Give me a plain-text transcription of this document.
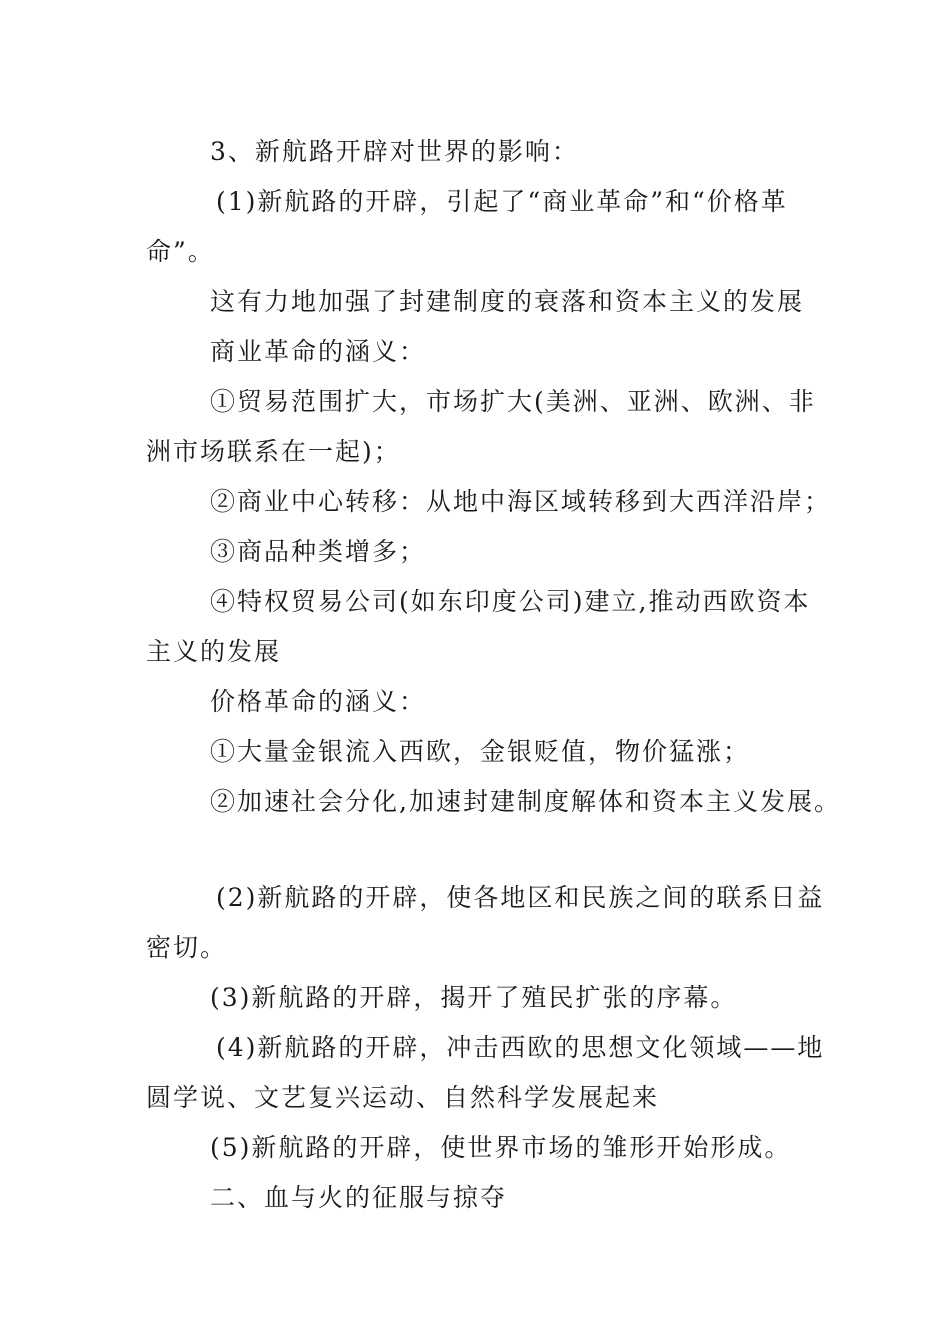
3、新航路开辟对世界的影响：
(1)新航路的开辟，引起了“商业革命”和“价格革
命”。
这有力地加强了封建制度的衰落和资本主义的发展
商业革命的涵义：
①贸易范围扩大，市场扩大(美洲、亚洲、欧洲、非
洲市场联系在一起)；
②商业中心转移：从地中海区域转移到大西洋沿岸；
③商品种类增多；
④特权贸易公司(如东印度公司)建立,推动西欧资本
主义的发展
价格革命的涵义：
①大量金银流入西欧，金银贬值，物价猛涨；
②加速社会分化,加速封建制度解体和资本主义发展。
(2)新航路的开辟，使各地区和民族之间的联系日益
密切。
(3)新航路的开辟，揭开了殖民扩张的序幕。
(4)新航路的开辟，冲击西欧的思想文化领域——地
圆学说、文艺复兴运动、自然科学发展起来
(5)新航路的开辟，使世界市场的雏形开始形成。
二、血与火的征服与掠夺
